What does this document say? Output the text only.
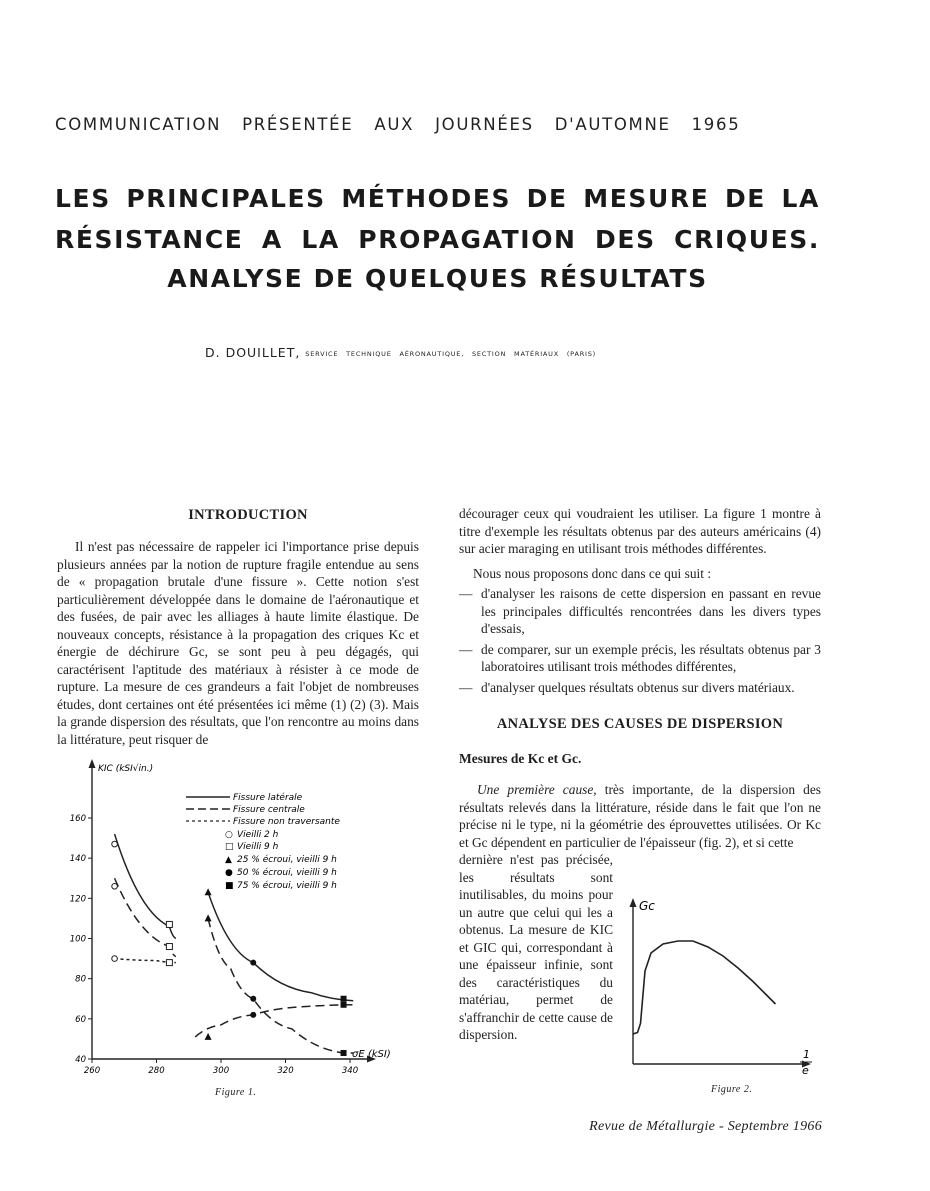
COMMUNICATION PRÉSENTÉE AUX JOURNÉES D'AUTOMNE 1965
LES PRINCIPALES MÉTHODES DE MESURE DE LA
RÉSISTANCE A LA PROPAGATION DES CRIQUES.
ANALYSE DE QUELQUES RÉSULTATS
D. DOUILLET, SERVICE TECHNIQUE AÉRONAUTIQUE, SECTION MATÉRIAUX (PARIS)
INTRODUCTION

Il n'est pas nécessaire de rappeler ici l'importance prise depuis plusieurs années par la notion de rupture fragile entendue au sens de « propagation brutale d'une fissure ». Cette notion s'est particulièrement développée dans le domaine de l'aéronautique et des fusées, de pair avec les alliages à haute limite élastique. De nouveaux concepts, résistance à la propagation des criques Kc et énergie de déchirure Gc, se sont peu à peu dégagés, qui caractérisent l'aptitude des matériaux à résister à ce mode de rupture. La mesure de ces grandeurs a fait l'objet de nombreuses études, dont certaines ont été présentées ici même (1) (2) (3). Mais la grande dispersion des résultats, que l'on rencontre au moins dans la littérature, peut risquer de

260	280	300	320	340
40
60
80
100
120
140
160
KIC (kSI√in.)
σE (kSI)
Fissure latérale
Fissure centrale
Fissure non traversante
○ Vieilli 2 h
□ Vieilli 9 h
▲ 25 % écroui, vieilli 9 h
● 50 % écroui, vieilli 9 h
■ 75 % écroui, vieilli 9 h
Figure 1.

décourager ceux qui voudraient les utiliser. La figure 1 montre à titre d'exemple les résultats obtenus par des auteurs américains (4) sur acier maraging en utilisant trois méthodes différentes.

Nous nous proposons donc dans ce qui suit :

— d'analyser les raisons de cette dispersion en passant en revue les principales difficultés rencontrées dans les divers types d'essais,
— de comparer, sur un exemple précis, les résultats obtenus par 3 laboratoires utilisant trois méthodes différentes,
— d'analyser quelques résultats obtenus sur divers matériaux.
ANALYSE DES CAUSES DE DISPERSION
Mesures de Kc et Gc.

Une première cause, très importante, de la dispersion des résultats relevés dans la littérature, réside dans le fait que l'on ne précise ni le type, ni la géométrie des éprouvettes utilisées. Or Kc et Gc dépendent en particulier de l'épaisseur (fig. 2), et si cette

dernière n'est pas précisée, les résultats sont inutilisables, du moins pour un autre que celui qui les a obtenus. La mesure de KIC et GIC qui, correspondant à une épaisseur infinie, sont des caractéristiques du matériau, permet de s'affranchir de cette cause de dispersion.

Gc
1
e
Figure 2.
Revue de Métallurgie - Septembre 1966
